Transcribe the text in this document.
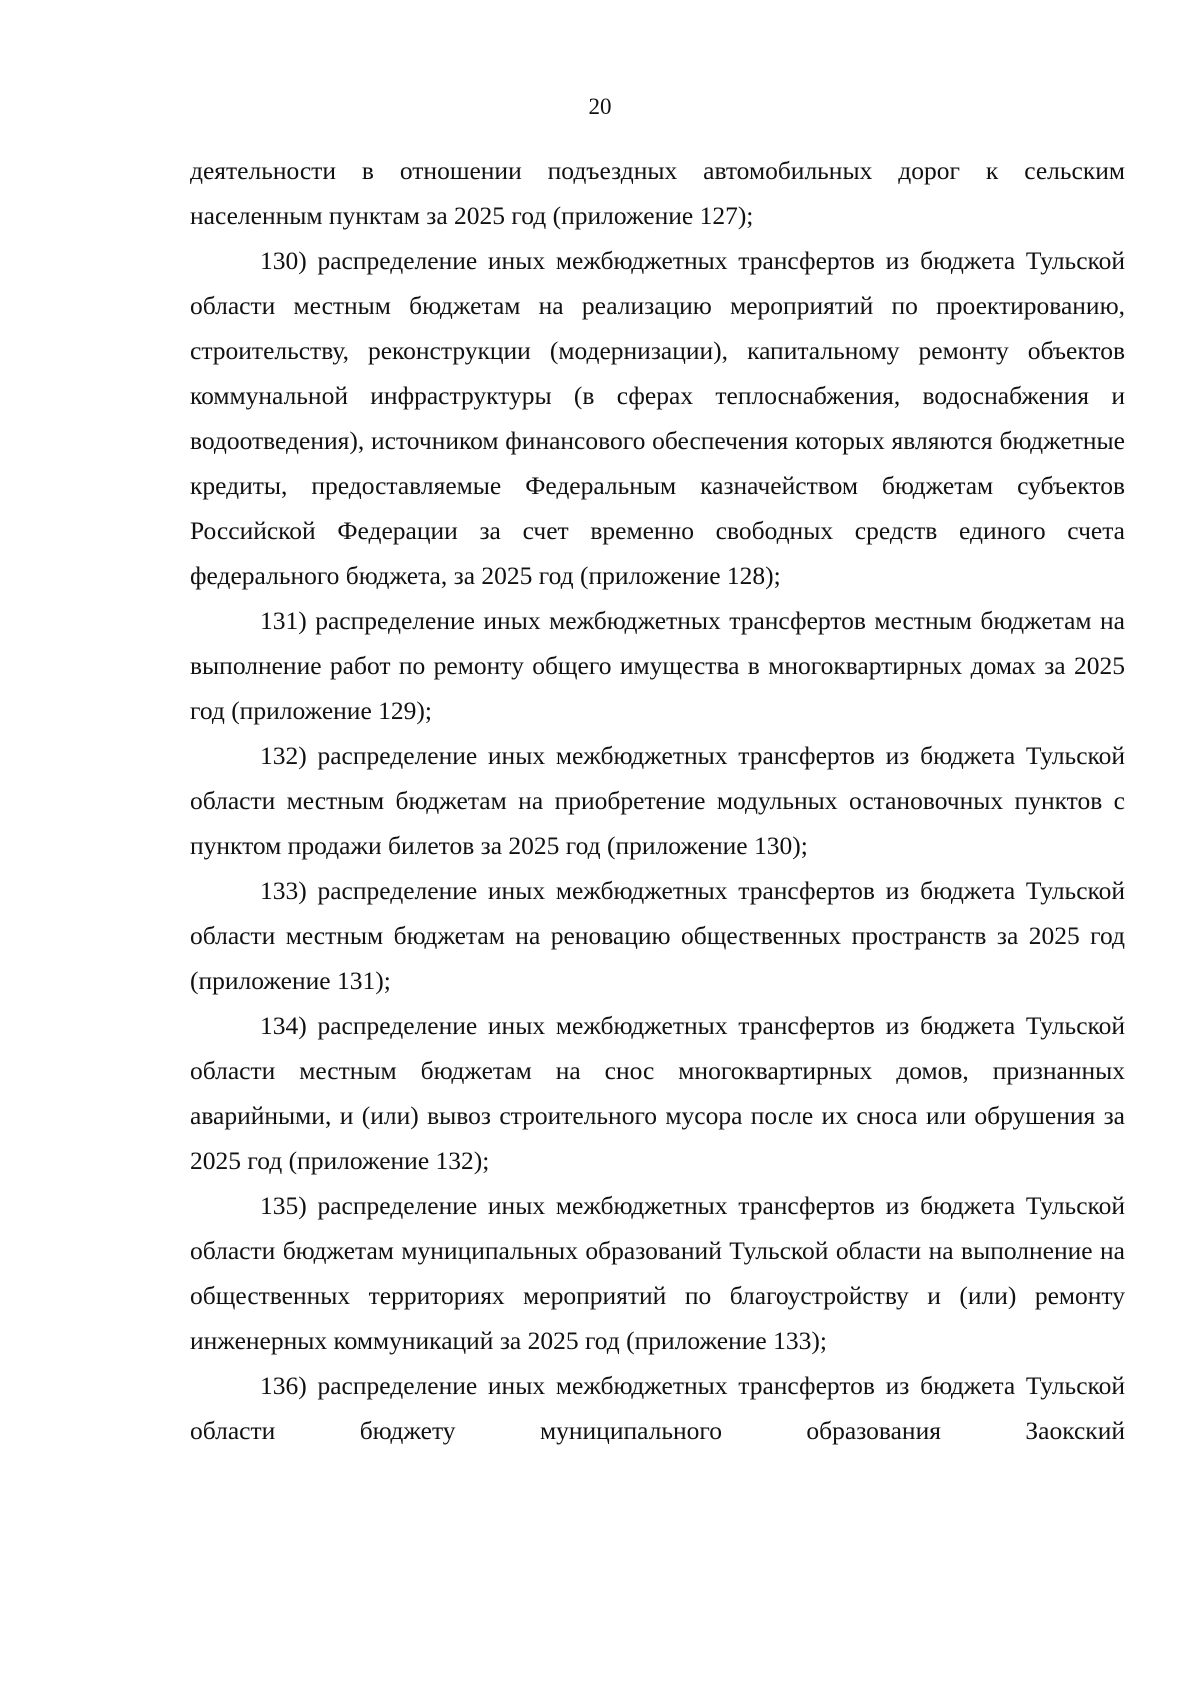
20

деятельности в отношении подъездных автомобильных дорог к сельским населенным пунктам за 2025 год (приложение 127);

130) распределение иных межбюджетных трансфертов из бюджета Тульской области местным бюджетам на реализацию мероприятий по проектированию, строительству, реконструкции (модернизации), капитальному ремонту объектов коммунальной инфраструктуры (в сферах теплоснабжения, водоснабжения и водоотведения), источником финансового обеспечения которых являются бюджетные кредиты, предоставляемые Федеральным казначейством бюджетам субъектов Российской Федерации за счет временно свободных средств единого счета федерального бюджета, за 2025 год (приложение 128);

131) распределение иных межбюджетных трансфертов местным бюджетам на выполнение работ по ремонту общего имущества в многоквартирных домах за 2025 год (приложение 129);

132) распределение иных межбюджетных трансфертов из бюджета Тульской области местным бюджетам на приобретение модульных остановочных пунктов с пунктом продажи билетов за 2025 год (приложение 130);

133) распределение иных межбюджетных трансфертов из бюджета Тульской области местным бюджетам на реновацию общественных пространств за 2025 год (приложение 131);

134) распределение иных межбюджетных трансфертов из бюджета Тульской области местным бюджетам на снос многоквартирных домов, признанных аварийными, и (или) вывоз строительного мусора после их сноса или обрушения за 2025 год (приложение 132);

135) распределение иных межбюджетных трансфертов из бюджета Тульской области бюджетам муниципальных образований Тульской области на выполнение на общественных территориях мероприятий по благоустройству и (или) ремонту инженерных коммуникаций за 2025 год (приложение 133);

136) распределение иных межбюджетных трансфертов из бюджета Тульской области бюджету муниципального образования Заокский
